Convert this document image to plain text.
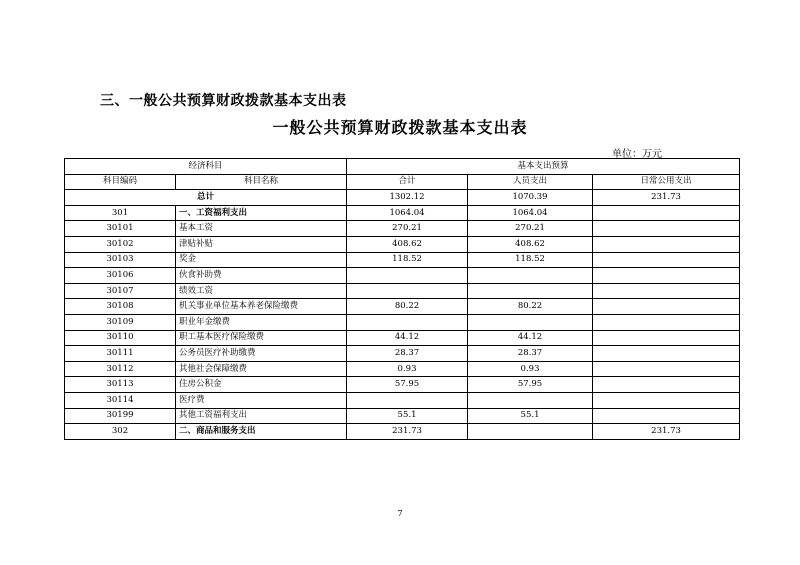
三、一般公共预算财政拨款基本支出表
一般公共预算财政拨款基本支出表
单位：万元
经济科目		基本支出预算		
科目编码	科目名称	合计	人员支出	日常公用支出
总计		1302.12	1070.39	231.73
301	一、工资福利支出	1064.04	1064.04	
30101	基本工资	270.21	270.21	
30102	津贴补贴	408.62	408.62	
30103	奖金	118.52	118.52	
30106	伙食补助费			
30107	绩效工资			
30108	机关事业单位基本养老保险缴费	80.22	80.22	
30109	职业年金缴费			
30110	职工基本医疗保险缴费	44.12	44.12	
30111	公务员医疗补助缴费	28.37	28.37	
30112	其他社会保障缴费	0.93	0.93	
30113	住房公积金	57.95	57.95	
30114	医疗费			
30199	其他工资福利支出	55.1	55.1	
302	二、商品和服务支出	231.73		231.73
7
